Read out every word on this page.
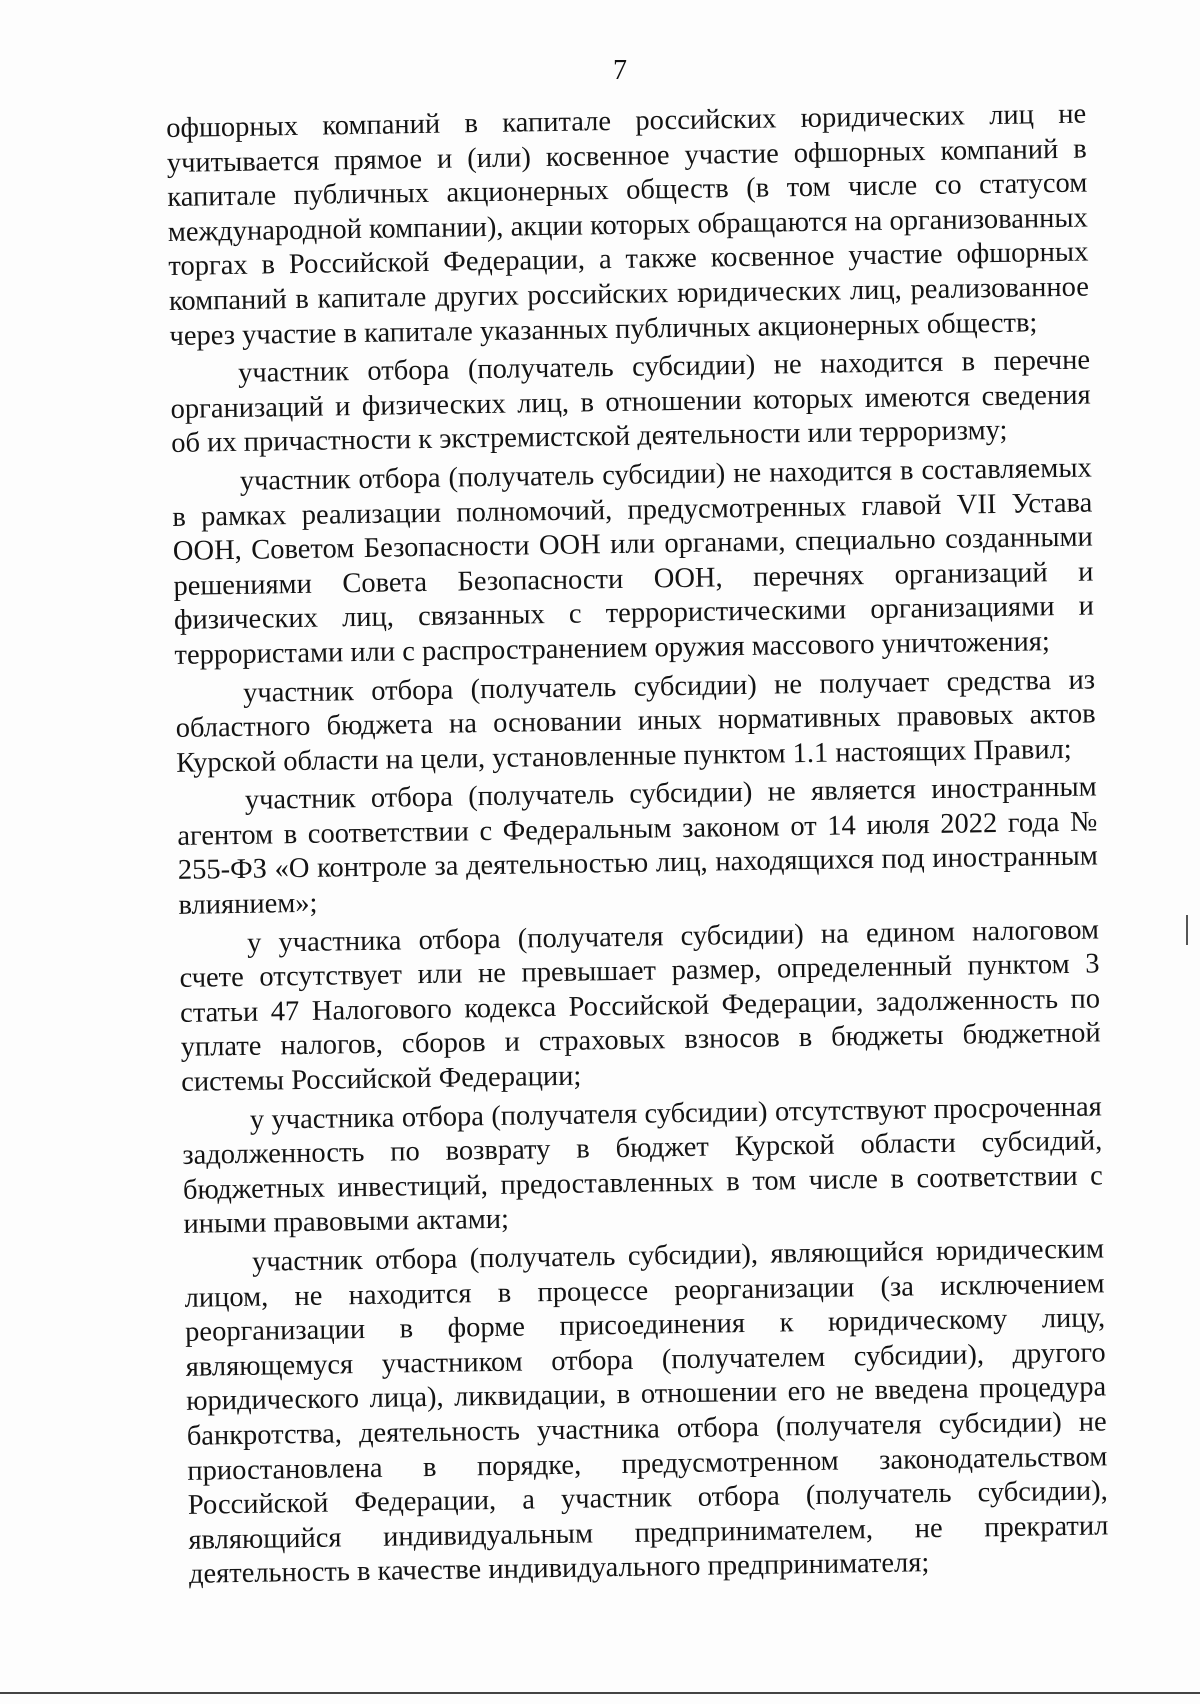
7

офшорных компаний в капитале российских юридических лиц не учитывается прямое и (или) косвенное участие офшорных компаний в капитале публичных акционерных обществ (в том числе со статусом международной компании), акции которых обращаются на организованных торгах в Российской Федерации, а также косвенное участие офшорных компаний в капитале других российских юридических лиц, реализованное через участие в капитале указанных публичных акционерных обществ;

участник отбора (получатель субсидии) не находится в перечне организаций и физических лиц, в отношении которых имеются сведения об их причастности к экстремистской деятельности или терроризму;

участник отбора (получатель субсидии) не находится в составляемых в рамках реализации полномочий, предусмотренных главой VII Устава ООН, Советом Безопасности ООН или органами, специально созданными решениями Совета Безопасности ООН, перечнях организаций и физических лиц, связанных с террористическими организациями и террористами или с распространением оружия массового уничтожения;

участник отбора (получатель субсидии) не получает средства из областного бюджета на основании иных нормативных правовых актов Курской области на цели, установленные пунктом 1.1 настоящих Правил;

участник отбора (получатель субсидии) не является иностранным агентом в соответствии с Федеральным законом от 14 июля 2022 года № 255-ФЗ «О контроле за деятельностью лиц, находящихся под иностранным влиянием»;

у участника отбора (получателя субсидии) на едином налоговом счете отсутствует или не превышает размер, определенный пунктом 3 статьи 47 Налогового кодекса Российской Федерации, задолженность по уплате налогов, сборов и страховых взносов в бюджеты бюджетной системы Российской Федерации;

у участника отбора (получателя субсидии) отсутствуют просроченная задолженность по возврату в бюджет Курской области субсидий, бюджетных инвестиций, предоставленных в том числе в соответствии с иными правовыми актами;

участник отбора (получатель субсидии), являющийся юридическим лицом, не находится в процессе реорганизации (за исключением реорганизации в форме присоединения к юридическому лицу, являющемуся участником отбора (получателем субсидии), другого юридического лица), ликвидации, в отношении его не введена процедура банкротства, деятельность участника отбора (получателя субсидии) не приостановлена в порядке, предусмотренном законодательством Российской Федерации, а участник отбора (получатель субсидии), являющийся индивидуальным предпринимателем, не прекратил деятельность в качестве индивидуального предпринимателя;
